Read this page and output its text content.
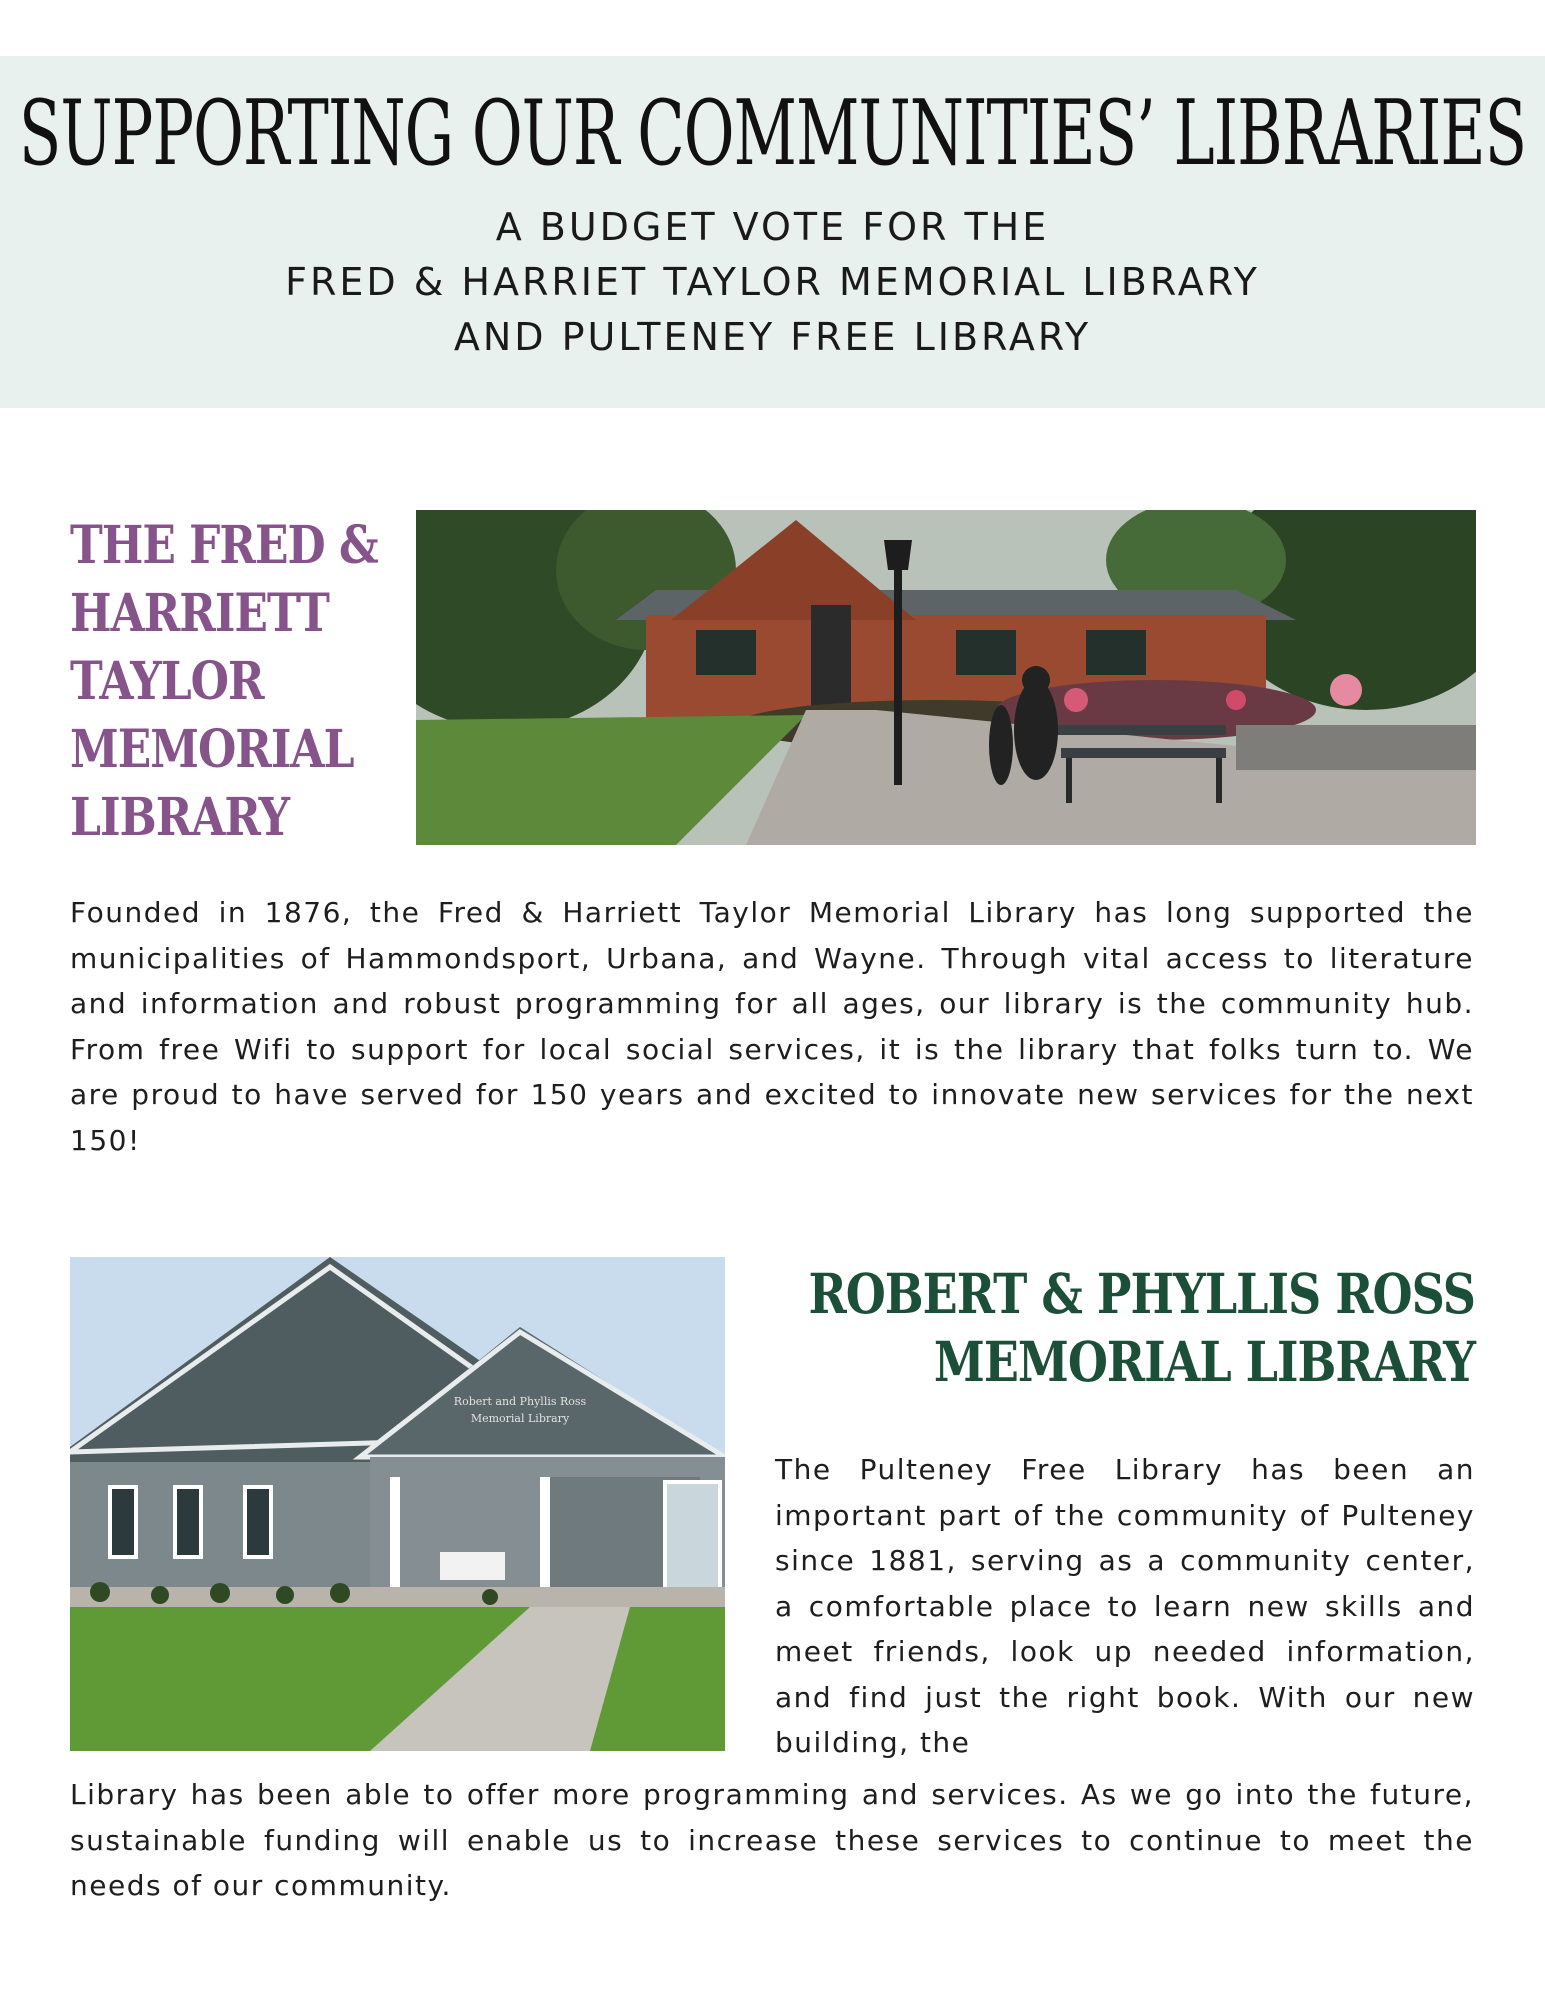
SUPPORTING OUR COMMUNITIES’ LIBRARIES
A BUDGET VOTE FOR THE
FRED & HARRIET TAYLOR MEMORIAL LIBRARY
AND PULTENEY FREE LIBRARY
THE FRED &
HARRIETT
TAYLOR
MEMORIAL
LIBRARY
Founded in 1876, the Fred & Harriett Taylor Memorial Library has long supported the municipalities of Hammondsport, Urbana, and Wayne. Through vital access to literature and information and robust programming for all ages, our library is the community hub. From free Wifi to support for local social services, it is the library that folks turn to. We are proud to have served for 150 years and excited to innovate new services for the next 150!
Robert and Phyllis Ross
Memorial Library
ROBERT & PHYLLIS ROSS
MEMORIAL LIBRARY
The Pulteney Free Library has been an important part of the community of Pulteney since 1881, serving as a community center, a comfortable place to learn new skills and meet friends, look up needed information, and find just the right book. With our new building, the
Library has been able to offer more programming and services. As we go into the future, sustainable funding will enable us to increase these services to continue to meet the needs of our community.
